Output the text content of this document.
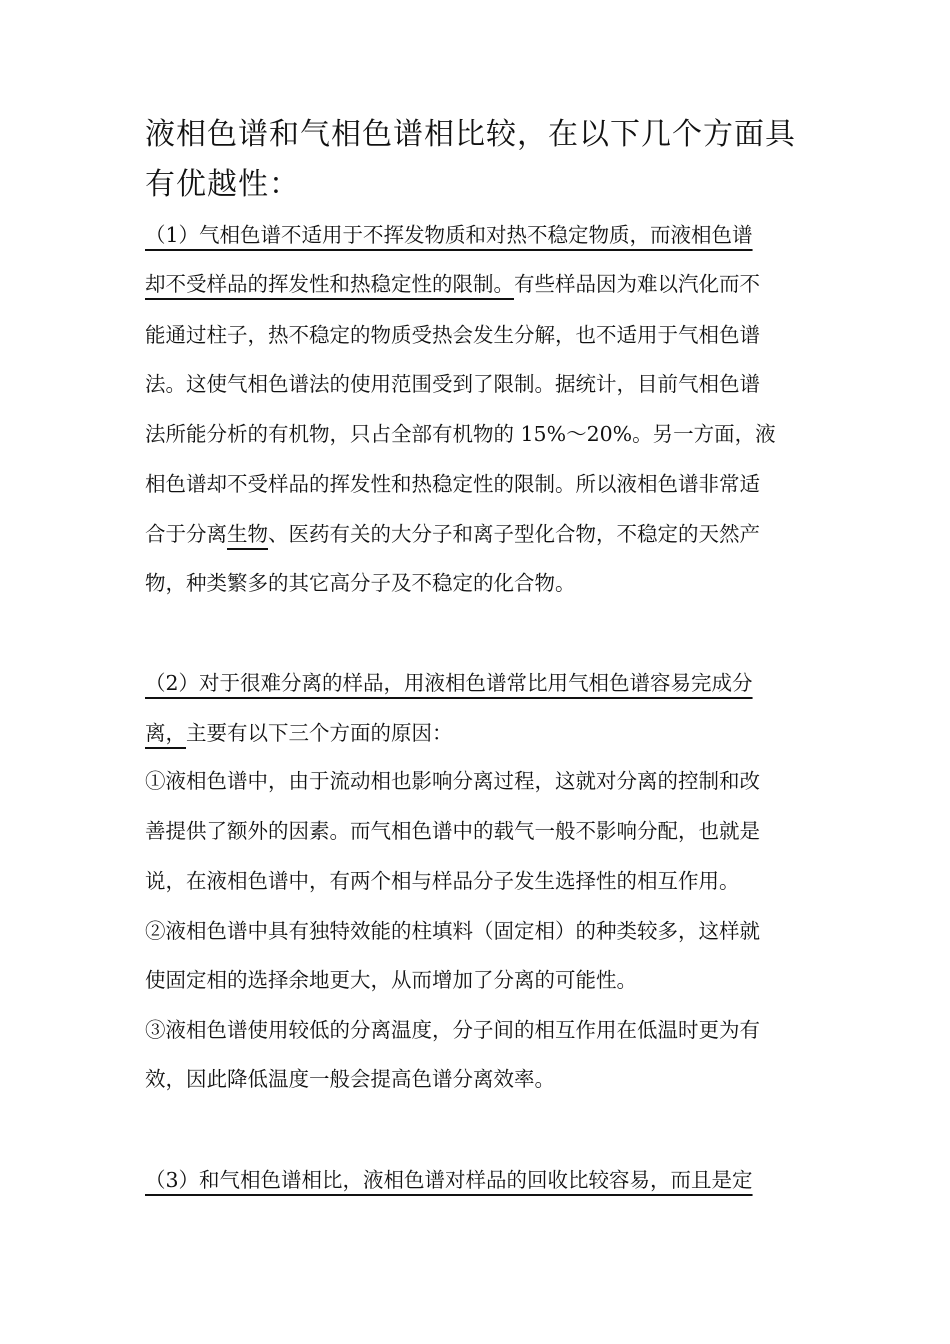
液相色谱和气相色谱相比较，在以下几个方面具有优越性：
（1）气相色谱不适用于不挥发物质和对热不稳定物质，而液相色谱
却不受样品的挥发性和热稳定性的限制。有些样品因为难以汽化而不
能通过柱子，热不稳定的物质受热会发生分解，也不适用于气相色谱
法。这使气相色谱法的使用范围受到了限制。据统计，目前气相色谱
法所能分析的有机物，只占全部有机物的 15%～20%。另一方面，液
相色谱却不受样品的挥发性和热稳定性的限制。所以液相色谱非常适
合于分离生物、医药有关的大分子和离子型化合物，不稳定的天然产
物，种类繁多的其它高分子及不稳定的化合物。
（2）对于很难分离的样品，用液相色谱常比用气相色谱容易完成分
离，主要有以下三个方面的原因：
①液相色谱中，由于流动相也影响分离过程，这就对分离的控制和改
善提供了额外的因素。而气相色谱中的载气一般不影响分配，也就是
说，在液相色谱中，有两个相与样品分子发生选择性的相互作用。
②液相色谱中具有独特效能的柱填料（固定相）的种类较多，这样就
使固定相的选择余地更大，从而增加了分离的可能性。
③液相色谱使用较低的分离温度，分子间的相互作用在低温时更为有
效，因此降低温度一般会提高色谱分离效率。
（3）和气相色谱相比，液相色谱对样品的回收比较容易，而且是定
